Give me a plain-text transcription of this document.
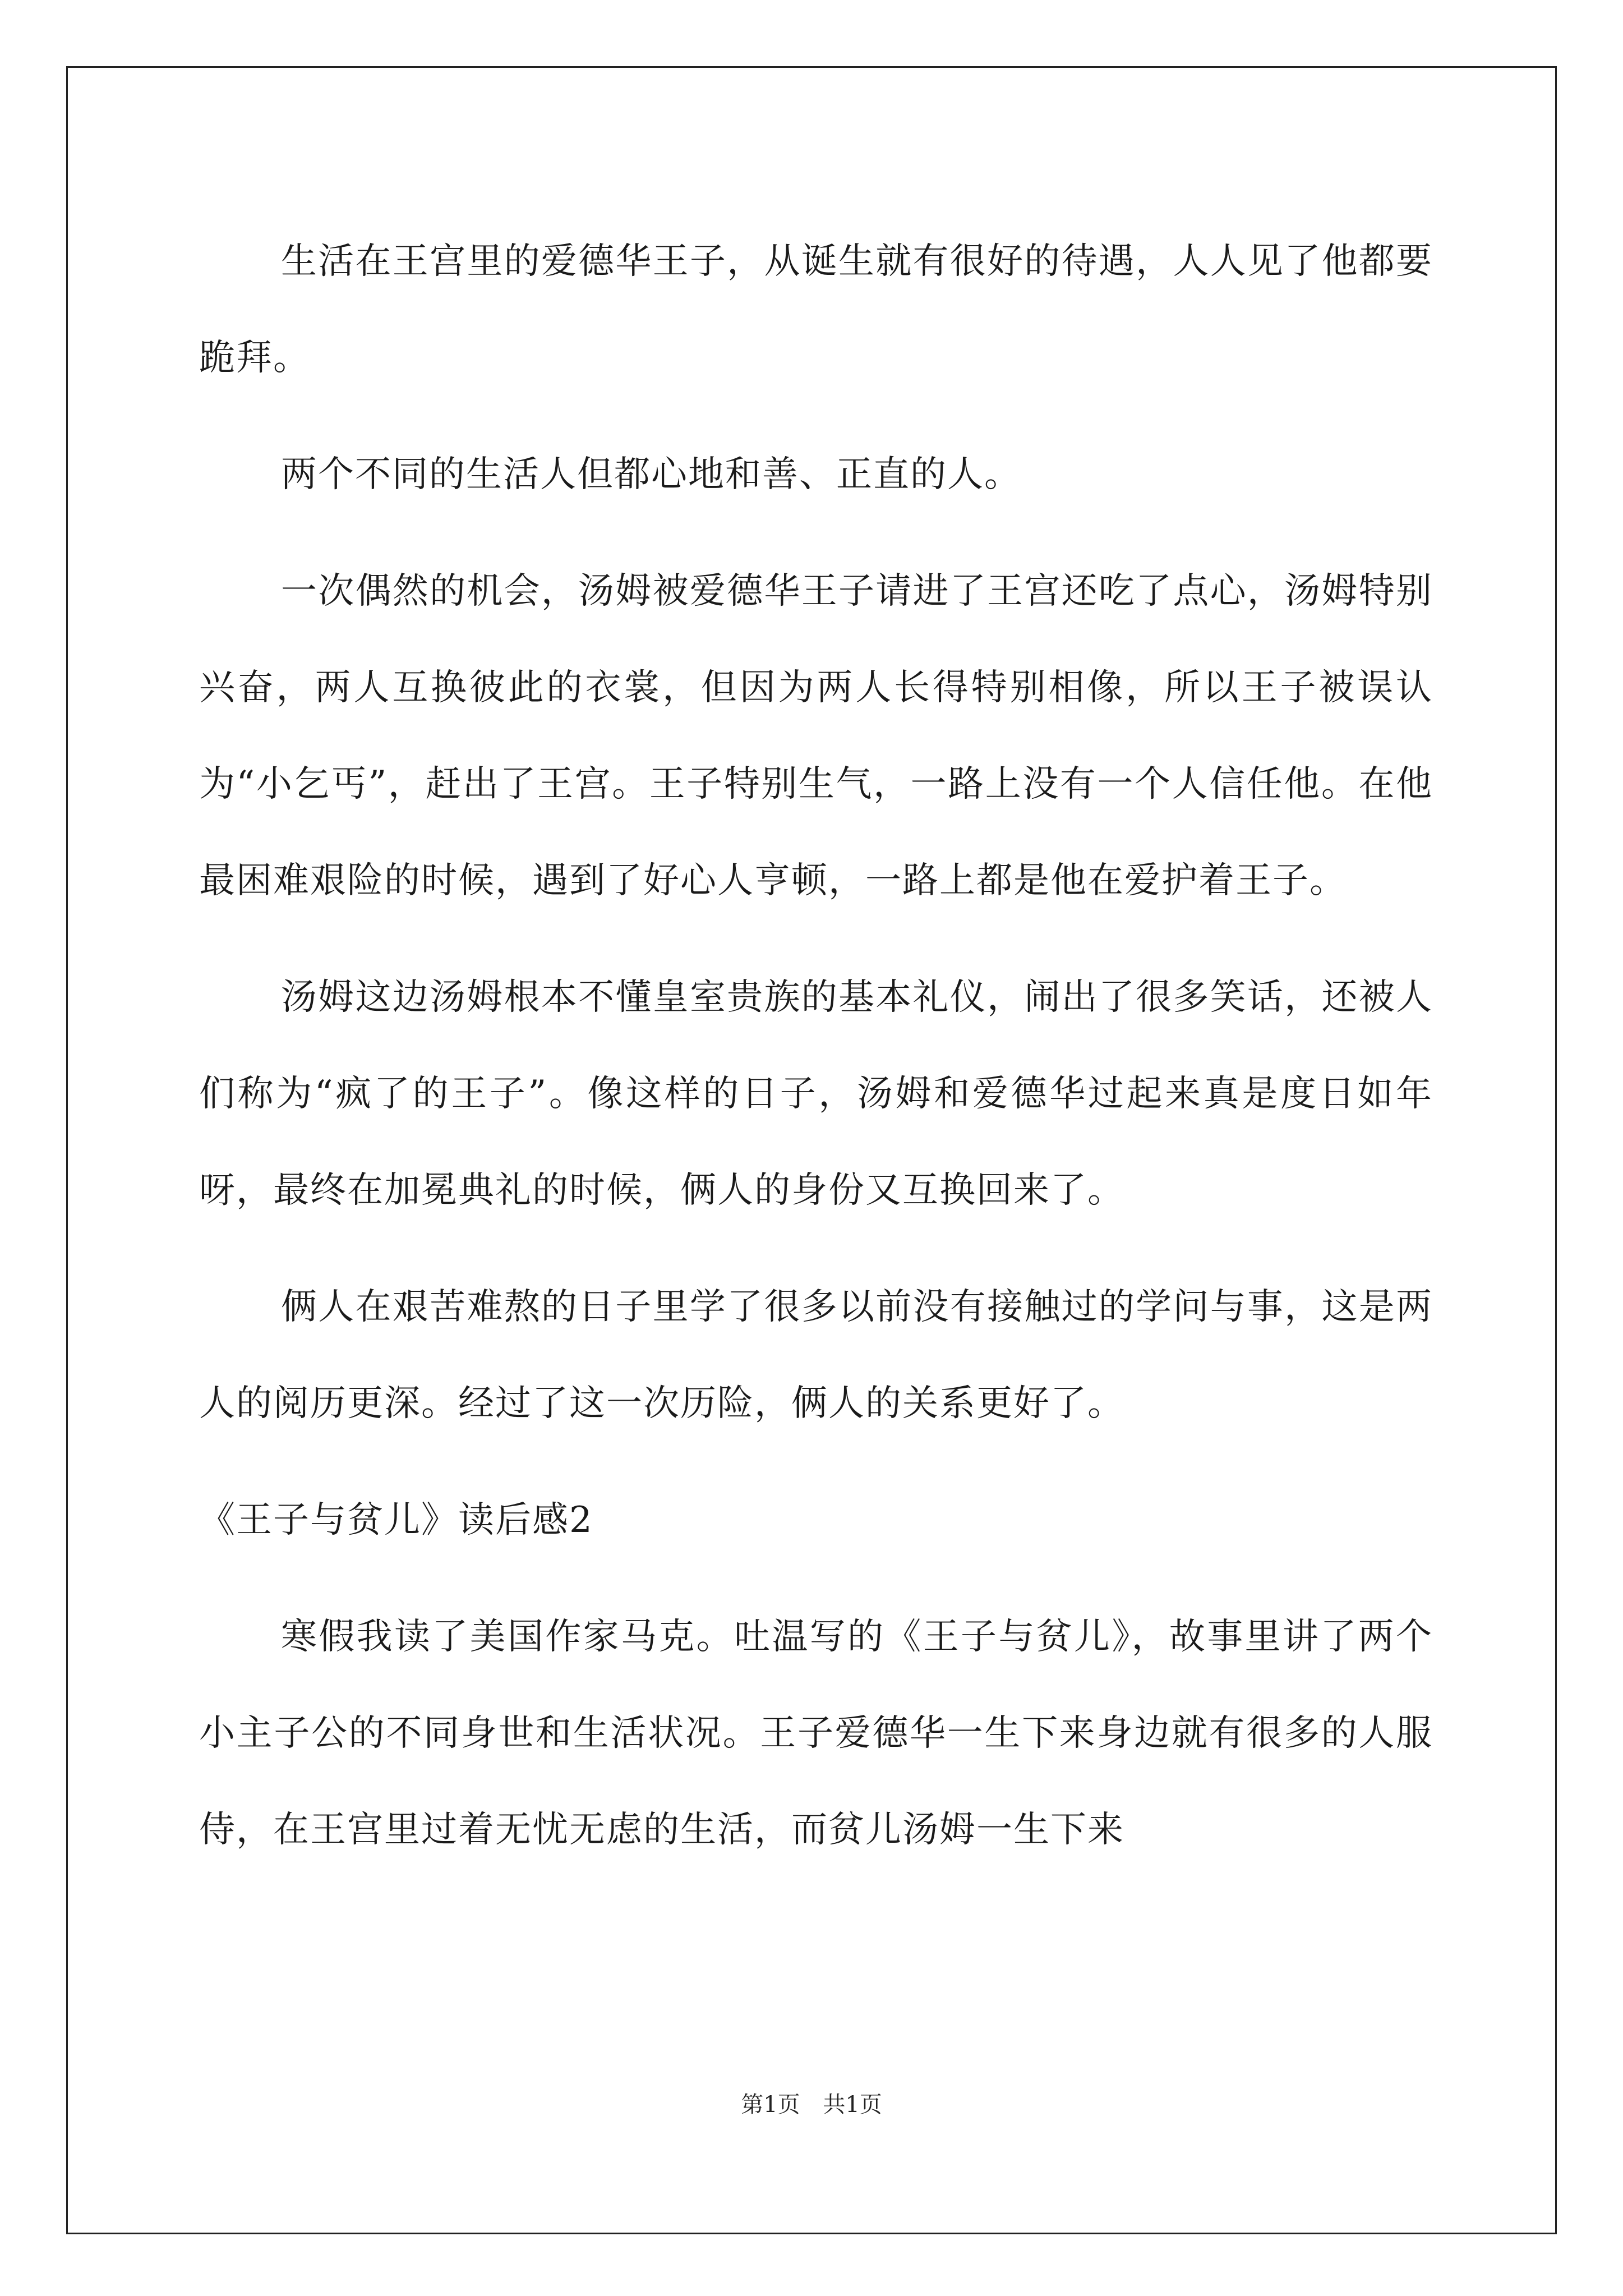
生活在王宫里的爱德华王子，从诞生就有很好的待遇，人人见了他都要跪拜。

两个不同的生活人但都心地和善、正直的人。

一次偶然的机会，汤姆被爱德华王子请进了王宫还吃了点心，汤姆特别兴奋，两人互换彼此的衣裳，但因为两人长得特别相像，所以王子被误认为“小乞丐”，赶出了王宫。王子特别生气，一路上没有一个人信任他。在他最困难艰险的时候，遇到了好心人亨顿，一路上都是他在爱护着王子。

汤姆这边汤姆根本不懂皇室贵族的基本礼仪，闹出了很多笑话，还被人们称为“疯了的王子”。像这样的日子，汤姆和爱德华过起来真是度日如年呀，最终在加冕典礼的时候，俩人的身份又互换回来了。

俩人在艰苦难熬的日子里学了很多以前没有接触过的学问与事，这是两人的阅历更深。经过了这一次历险，俩人的关系更好了。

《王子与贫儿》读后感2

寒假我读了美国作家马克。吐温写的《王子与贫儿》，故事里讲了两个小主子公的不同身世和生活状况。王子爱德华一生下来身边就有很多的人服侍，在王宫里过着无忧无虑的生活，而贫儿汤姆一生下来

第1页 共1页
